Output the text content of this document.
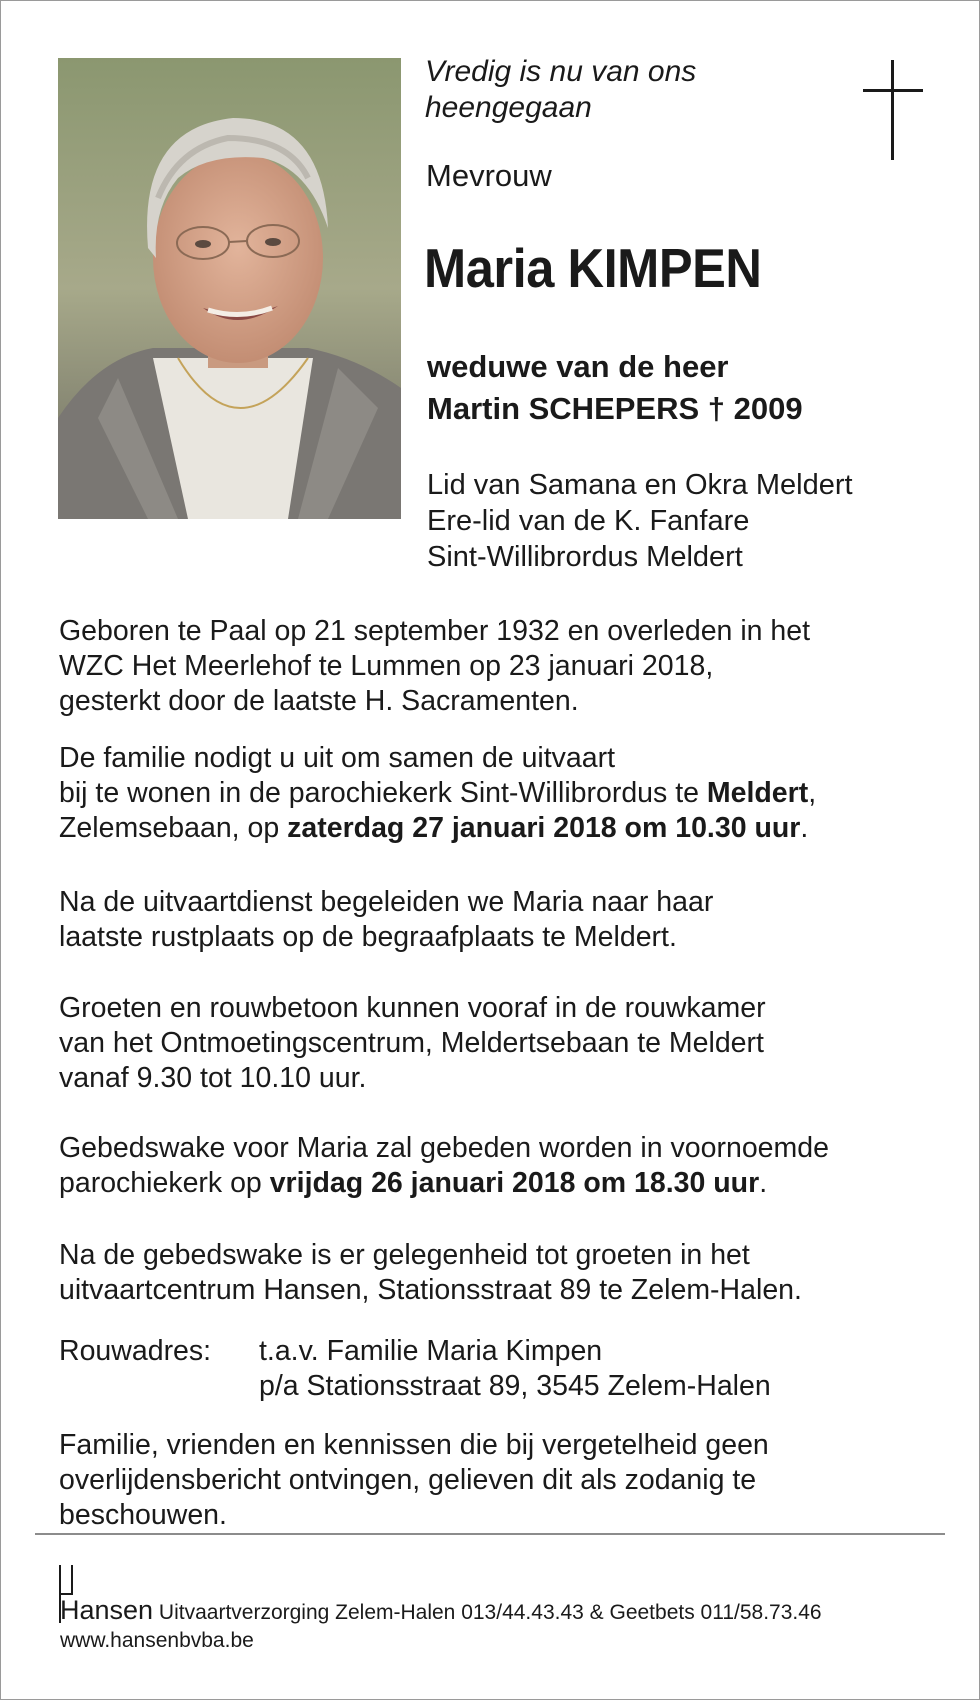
Vredig is nu van ons
heengegaan
Mevrouw
Maria KIMPEN
weduwe van de heer
Martin SCHEPERS † 2009
Lid van Samana en Okra Meldert
Ere-lid van de K. Fanfare
Sint-Willibrordus Meldert
Geboren te Paal op 21 september 1932 en overleden in het
WZC Het Meerlehof te Lummen op 23 januari 2018,
gesterkt door de laatste H. Sacramenten.
De familie nodigt u uit om samen de uitvaart
bij te wonen in de parochiekerk Sint-Willibrordus te Meldert,
Zelemsebaan, op zaterdag 27 januari 2018 om 10.30 uur.
Na de uitvaartdienst begeleiden we Maria naar haar
laatste rustplaats op de begraafplaats te Meldert.
Groeten en rouwbetoon kunnen vooraf in de rouwkamer
van het Ontmoetingscentrum, Meldertsebaan te Meldert
vanaf 9.30 tot 10.10 uur.
Gebedswake voor Maria zal gebeden worden in voornoemde
parochiekerk op vrijdag 26 januari 2018 om 18.30 uur.
Na de gebedswake is er gelegenheid tot groeten in het
uitvaartcentrum Hansen, Stationsstraat 89 te Zelem-Halen.
Rouwadres: t.a.v. Familie Maria Kimpen
p/a Stationsstraat 89, 3545 Zelem-Halen
Familie, vrienden en kennissen die bij vergetelheid geen
overlijdensbericht ontvingen, gelieven dit als zodanig te
beschouwen.
Hansen Uitvaartverzorging Zelem-Halen 013/44.43.43 & Geetbets 011/58.73.46
www.hansenbvba.be
